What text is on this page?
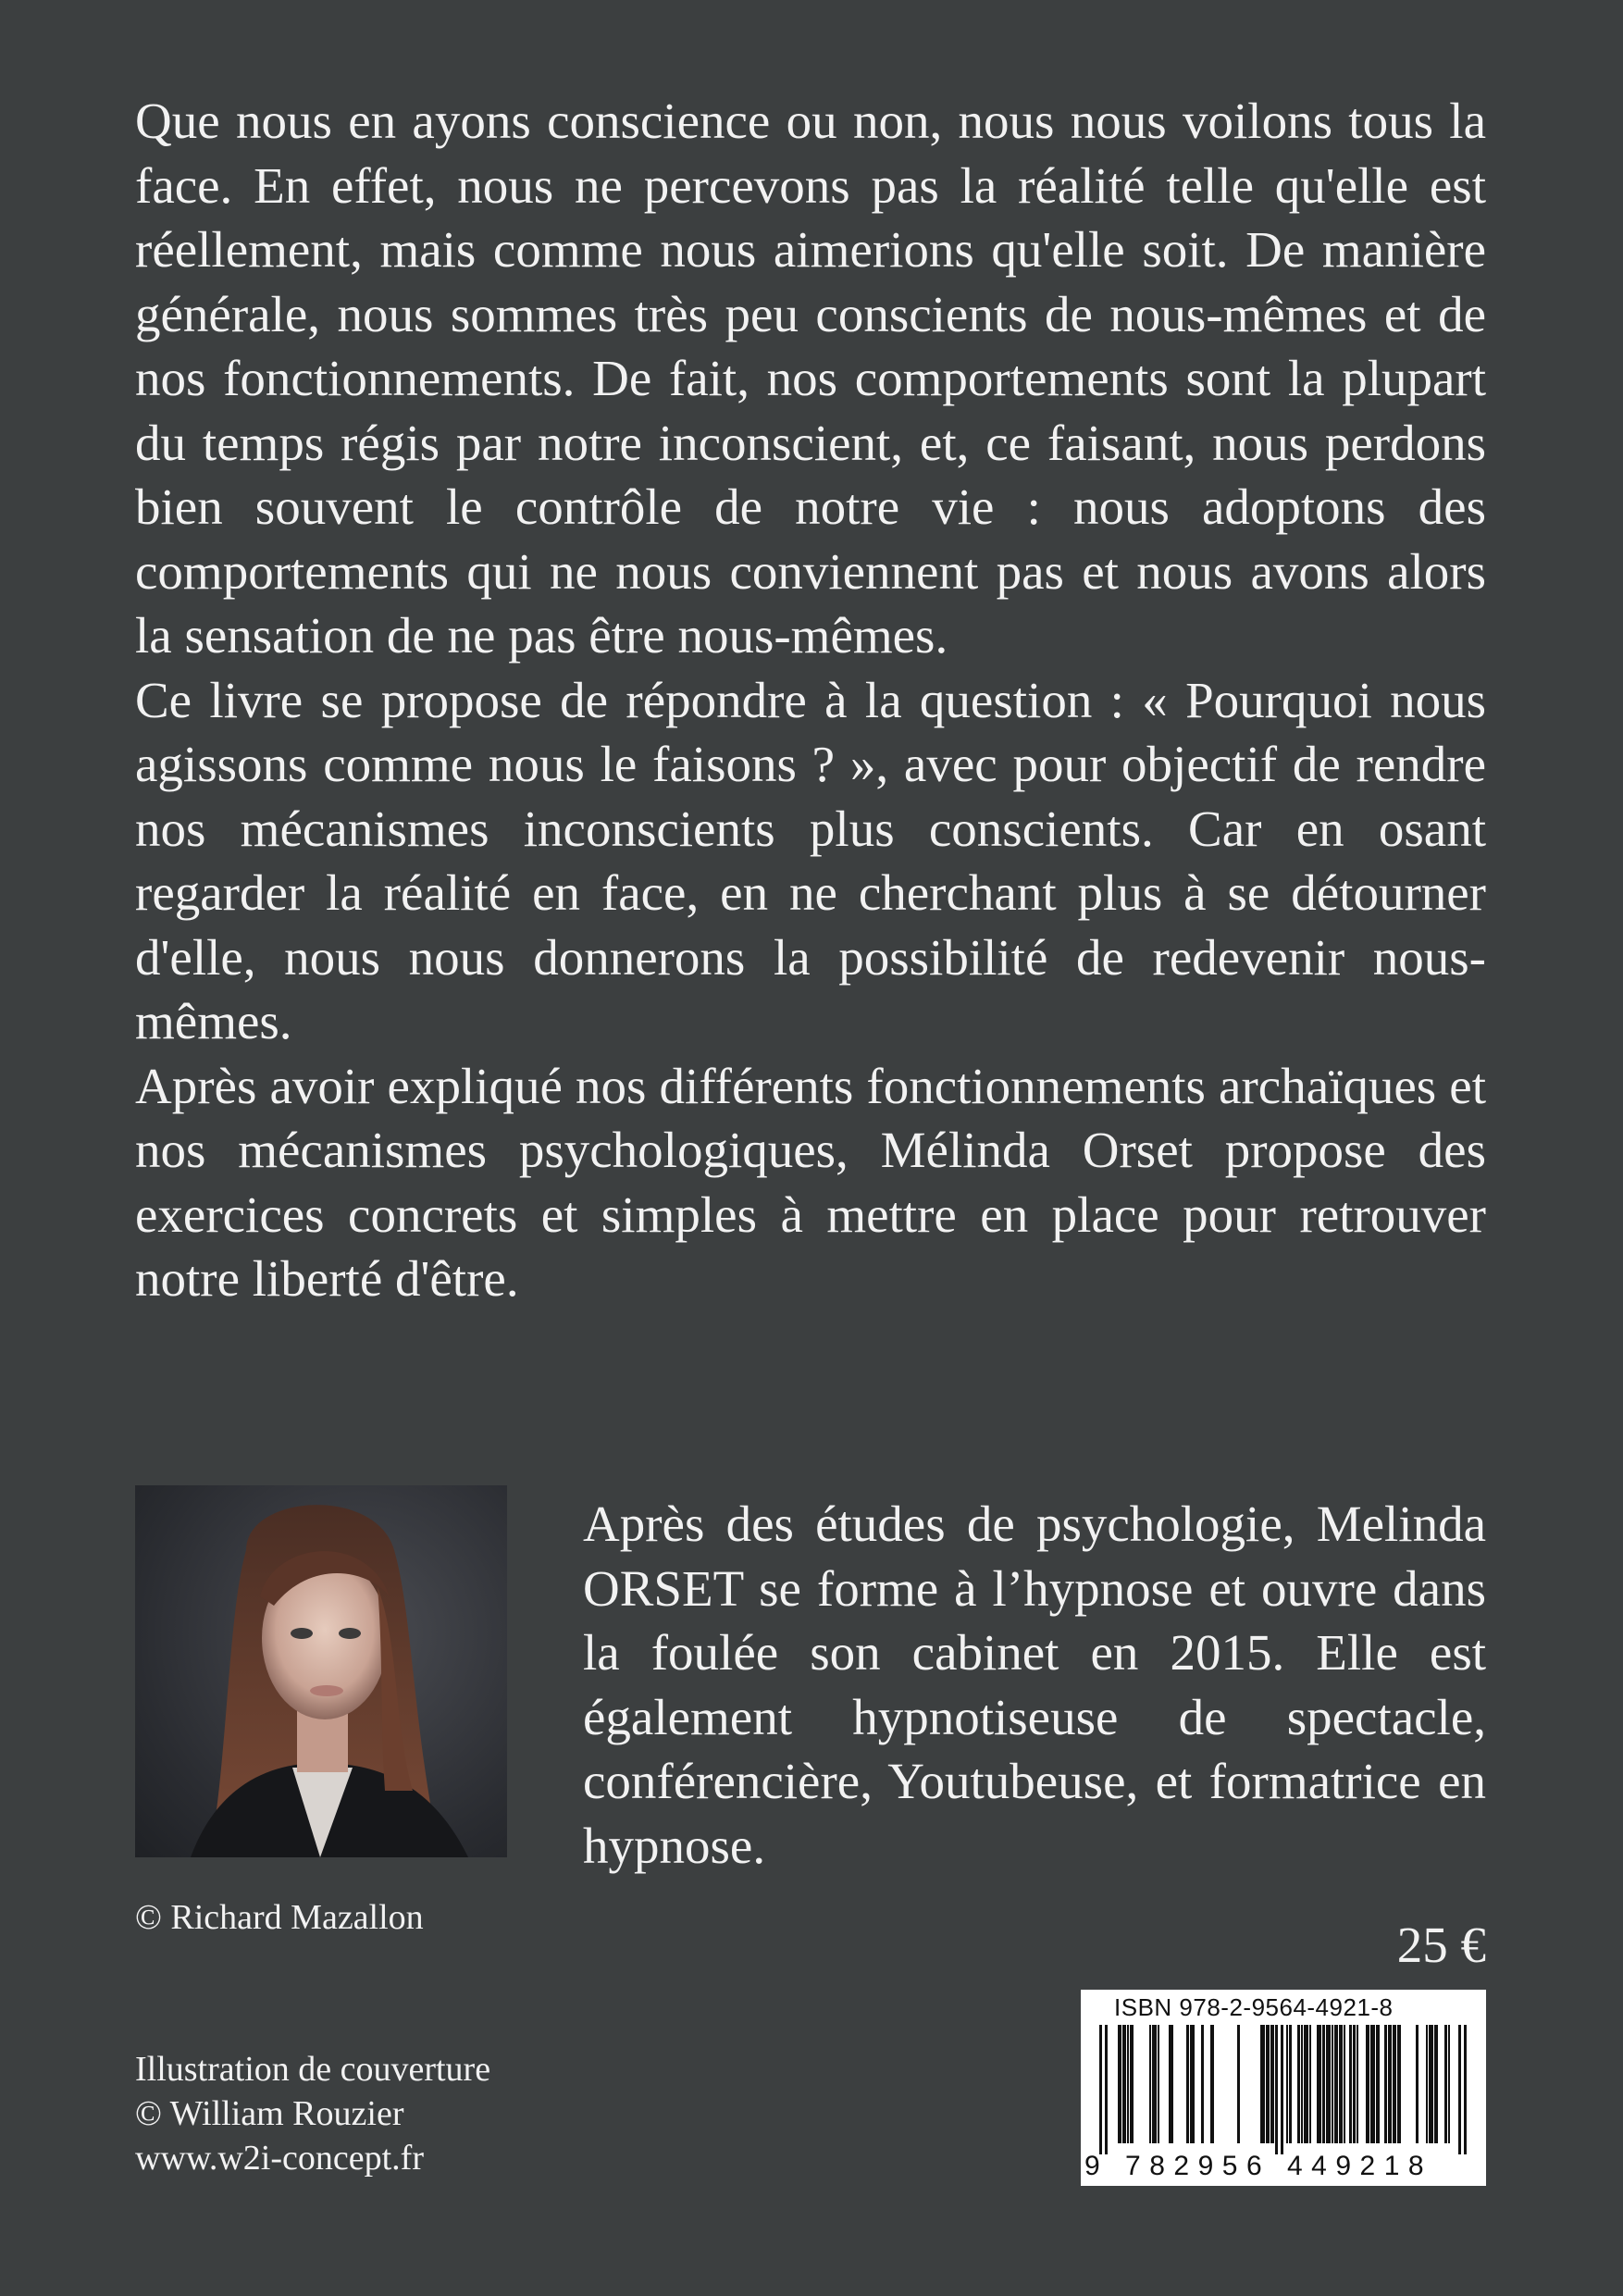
Que nous en ayons conscience ou non, nous nous voilons tous la face. En effet, nous ne percevons pas la réalité telle qu'elle est réellement, mais comme nous aimerions qu'elle soit. De manière générale, nous sommes très peu conscients de nous-mêmes et de nos fonctionnements. De fait, nos comportements sont la plupart du temps régis par notre inconscient, et, ce faisant, nous perdons bien souvent le contrôle de notre vie : nous adoptons des comportements qui ne nous conviennent pas et nous avons alors la sensation de ne pas être nous-mêmes.

Ce livre se propose de répondre à la question : « Pourquoi nous agissons comme nous le faisons ? », avec pour objectif de rendre nos mécanismes inconscients plus conscients. Car en osant regarder la réalité en face, en ne cherchant plus à se détourner d'elle, nous nous donnerons la possibilité de redevenir nous-mêmes.

Après avoir expliqué nos différents fonctionnements archaïques et nos mécanismes psychologiques, Mélinda Orset propose des exercices concrets et simples à mettre en place pour retrouver notre liberté d'être.

Après des études de psychologie, Melinda ORSET se forme à l’hypnose et ouvre dans la foulée son cabinet en 2015. Elle est également hypnotiseuse de spectacle, conférencière, Youtubeuse, et formatrice en hypnose.

© Richard Mazallon	25 €
ISBN 978-2-9564-4921-8
9 782956 449218
Illustration de couverture
© William Rouzier
www.w2i-concept.fr
